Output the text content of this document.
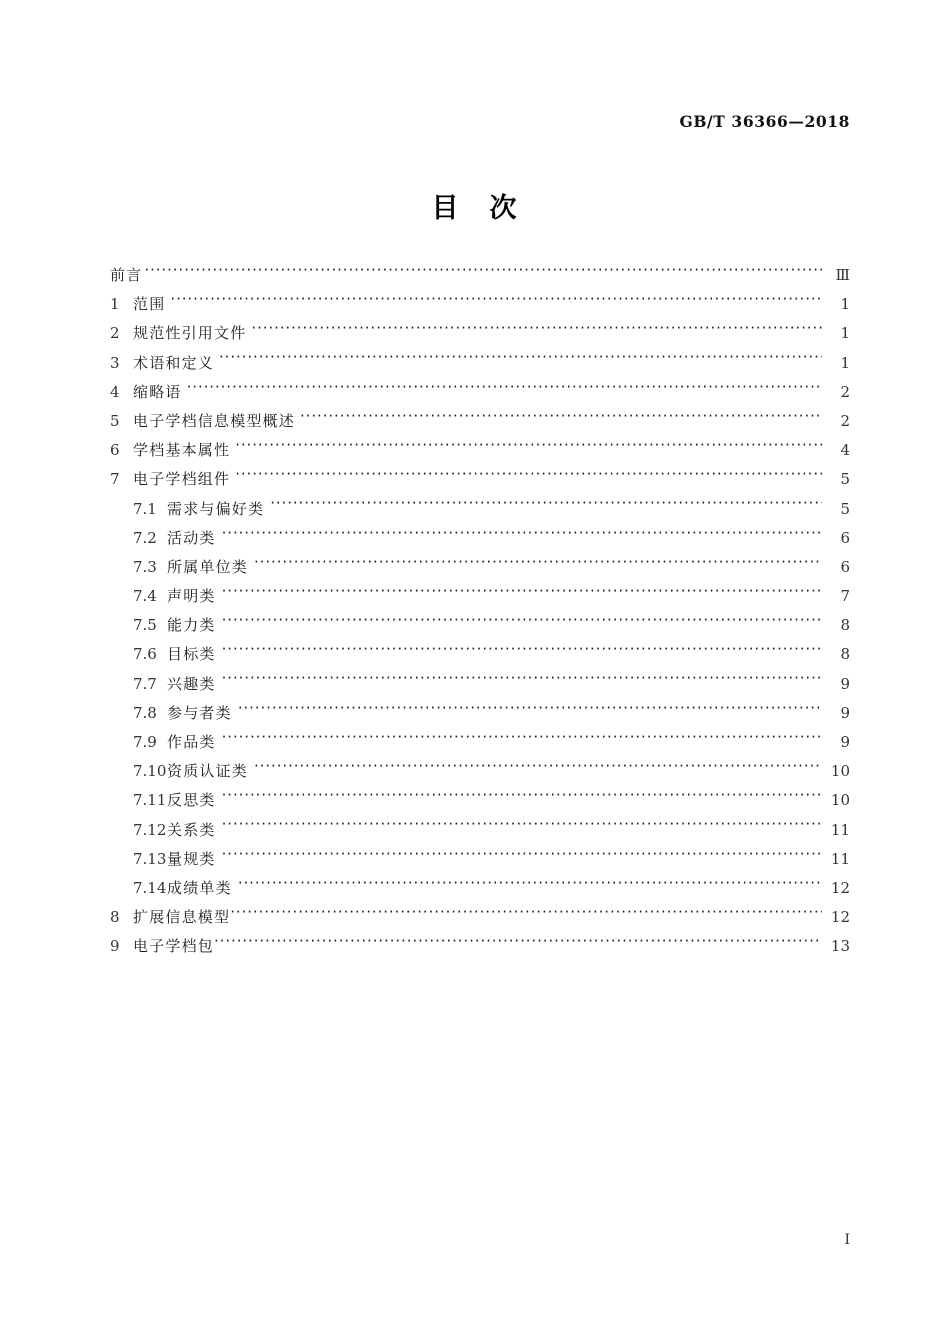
GB/T 36366—2018
目　次
前言 ·····	Ⅲ
1 范围 ·····	1
2 规范性引用文件 ·····	1
3 术语和定义 ·····	1
4 缩略语 ·····	2
5 电子学档信息模型概述 ·····	2
6 学档基本属性 ·····	4
7 电子学档组件 ·····	5
7.1 需求与偏好类 ·····	5
7.2 活动类 ·····	6
7.3 所属单位类 ·····	6
7.4 声明类 ·····	7
7.5 能力类 ·····	8
7.6 目标类 ·····	8
7.7 兴趣类 ·····	9
7.8 参与者类 ·····	9
7.9 作品类 ·····	9
7.10 资质认证类 ·····	10
7.11 反思类 ·····	10
7.12 关系类 ·····	11
7.13 量规类 ·····	11
7.14 成绩单类 ·····	12
8 扩展信息模型 ·····	12
9 电子学档包 ·····	13
Ⅰ
